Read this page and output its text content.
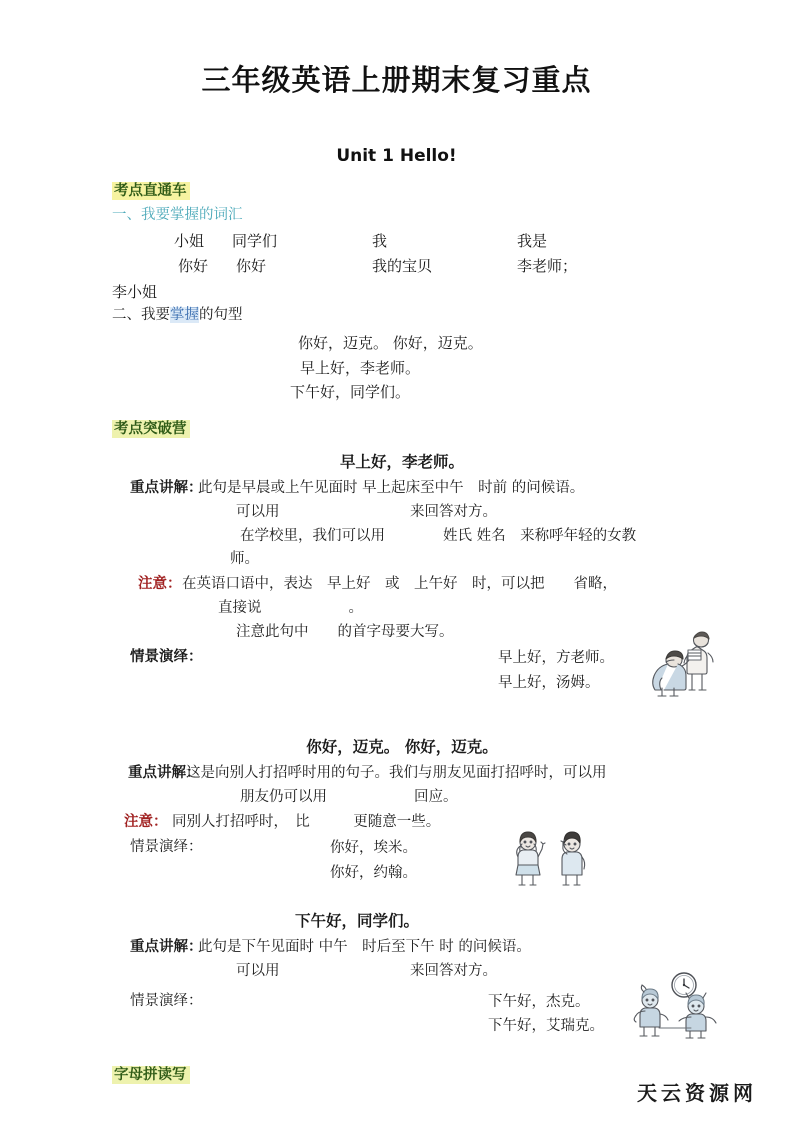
三年级英语上册期末复习重点
Unit 1 Hello!
考点直通车
一、我要掌握的词汇
小姐	同学们	我	我是
你好	你好	我的宝贝	李老师；
李小姐
二、我要掌握的句型
你好，迈克。 你好，迈克。
早上好，李老师。
下午好，同学们。
考点突破营
早上好，李老师。
重点讲解：
此句是早晨或上午见面时 早上起床至中午　时前 的问候语。
可以用　　　　　　　　　来回答对方。
在学校里，我们可以用　　　　姓氏 姓名　来称呼年轻的女教
师。
注意： 在英语口语中，表达　早上好　或　上午好　时，可以把　　省略，
直接说　　　　　　。
注意此句中　　的首字母要大写。
情景演绎：	早上好，方老师。
早上好，汤姆。
你好，迈克。 你好，迈克。
重点讲解：
这是向别人打招呼时用的句子。我们与朋友见面打招呼时，可以用
朋友仍可以用　　　　　　回应。
注意： 同别人打招呼时，　比　　　更随意一些。
情景演绎：	你好，埃米。
你好，约翰。
下午好，同学们。
重点讲解：
此句是下午见面时 中午　时后至下午 时 的问候语。
可以用　　　　　　　　　来回答对方。
情景演绎：	下午好，杰克。
下午好，艾瑞克。
字母拼读写
天云资源网
